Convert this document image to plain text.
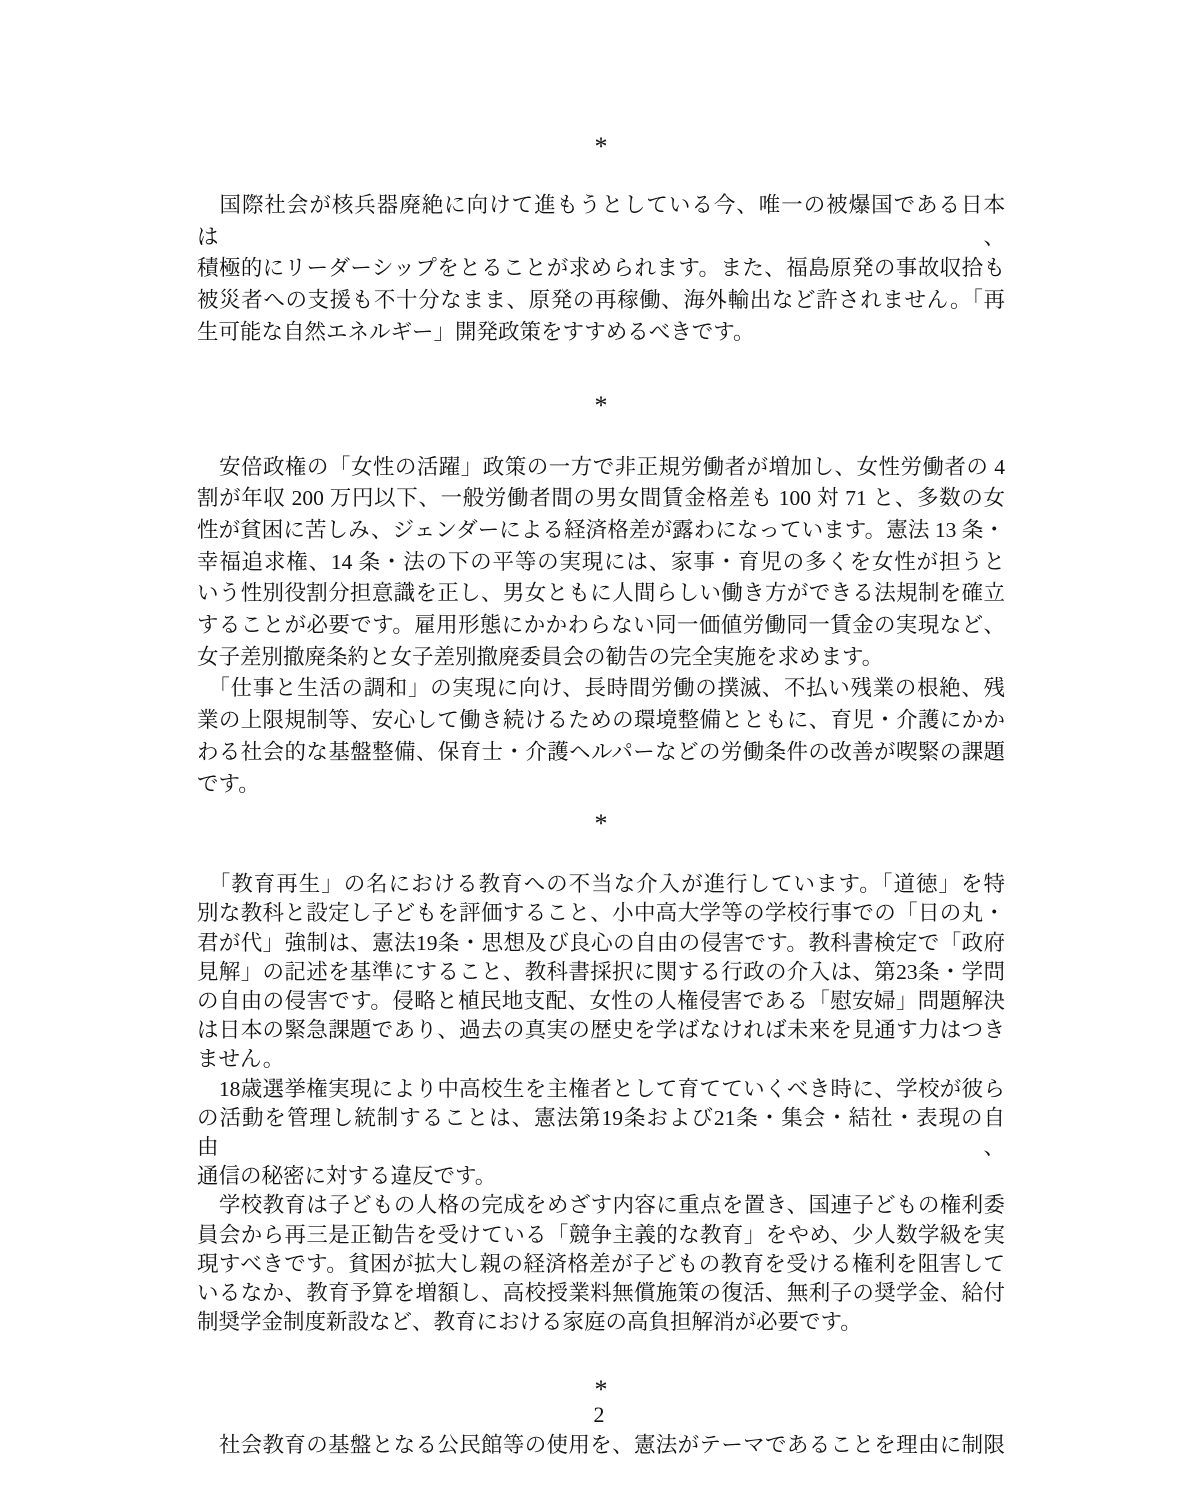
*
　国際社会が核兵器廃絶に向けて進もうとしている今、唯一の被爆国である日本は、
積極的にリーダーシップをとることが求められます。また、福島原発の事故収拾も
被災者への支援も不十分なまま、原発の再稼働、海外輸出など許されません。「再
生可能な自然エネルギー」開発政策をすすめるべきです。
*
　安倍政権の「女性の活躍」政策の一方で非正規労働者が増加し、女性労働者の 4
割が年収 200 万円以下、一般労働者間の男女間賃金格差も 100 対 71 と、多数の女
性が貧困に苦しみ、ジェンダーによる経済格差が露わになっています。憲法 13 条・
幸福追求権、14 条・法の下の平等の実現には、家事・育児の多くを女性が担うと
いう性別役割分担意識を正し、男女ともに人間らしい働き方ができる法規制を確立
することが必要です。雇用形態にかかわらない同一価値労働同一賃金の実現など、
女子差別撤廃条約と女子差別撤廃委員会の勧告の完全実施を求めます。
　「仕事と生活の調和」の実現に向け、長時間労働の撲滅、不払い残業の根絶、残
業の上限規制等、安心して働き続けるための環境整備とともに、育児・介護にかか
わる社会的な基盤整備、保育士・介護ヘルパーなどの労働条件の改善が喫緊の課題
です。
*
　「教育再生」の名における教育への不当な介入が進行しています。「道徳」を特
別な教科と設定し子どもを評価すること、小中高大学等の学校行事での「日の丸・
君が代」強制は、憲法19条・思想及び良心の自由の侵害です。教科書検定で「政府
見解」の記述を基準にすること、教科書採択に関する行政の介入は、第23条・学問
の自由の侵害です。侵略と植民地支配、女性の人権侵害である「慰安婦」問題解決
は日本の緊急課題であり、過去の真実の歴史を学ばなければ未来を見通す力はつき
ません。
　18歳選挙権実現により中高校生を主権者として育てていくべき時に、学校が彼ら
の活動を管理し統制することは、憲法第19条および21条・集会・結社・表現の自由、
通信の秘密に対する違反です。
　学校教育は子どもの人格の完成をめざす内容に重点を置き、国連子どもの権利委
員会から再三是正勧告を受けている「競争主義的な教育」をやめ、少人数学級を実
現すべきです。貧困が拡大し親の経済格差が子どもの教育を受ける権利を阻害して
いるなか、教育予算を増額し、高校授業料無償施策の復活、無利子の奨学金、給付
制奨学金制度新設など、教育における家庭の高負担解消が必要です。
*
　社会教育の基盤となる公民館等の使用を、憲法がテーマであることを理由に制限
2
